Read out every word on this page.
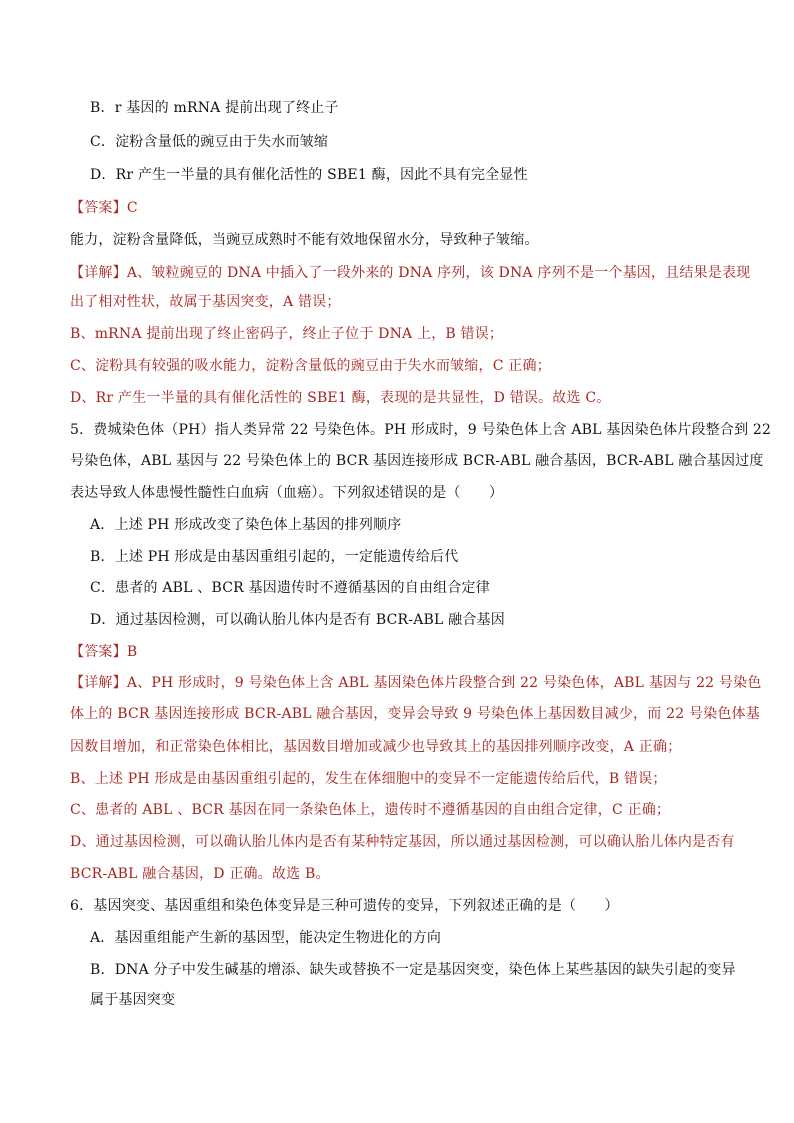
B．r 基因的 mRNA 提前出现了终止子
C．淀粉含量低的豌豆由于失水而皱缩
D．Rr 产生一半量的具有催化活性的 SBE1 酶，因此不具有完全显性
【答案】C
能力，淀粉含量降低，当豌豆成熟时不能有效地保留水分，导致种子皱缩。
【详解】A、皱粒豌豆的 DNA 中插入了一段外来的 DNA 序列，该 DNA 序列不是一个基因，且结果是表现
出了相对性状，故属于基因突变，A 错误；
B、mRNA 提前出现了终止密码子，终止子位于 DNA 上，B 错误；
C、淀粉具有较强的吸水能力，淀粉含量低的豌豆由于失水而皱缩，C 正确；
D、Rr 产生一半量的具有催化活性的 SBE1 酶，表现的是共显性，D 错误。故选 C。
5．费城染色体（PH）指人类异常 22 号染色体。PH 形成时，9 号染色体上含 ABL 基因染色体片段整合到 22
号染色体，ABL 基因与 22 号染色体上的 BCR 基因连接形成 BCR-ABL 融合基因，BCR-ABL 融合基因过度
表达导致人体患慢性髓性白血病（血癌）。下列叙述错误的是（　　）
A．上述 PH 形成改变了染色体上基因的排列顺序
B．上述 PH 形成是由基因重组引起的，一定能遗传给后代
C．患者的 ABL 、BCR 基因遗传时不遵循基因的自由组合定律
D．通过基因检测，可以确认胎儿体内是否有 BCR-ABL 融合基因
【答案】B
【详解】A、PH 形成时，9 号染色体上含 ABL 基因染色体片段整合到 22 号染色体，ABL 基因与 22 号染色
体上的 BCR 基因连接形成 BCR-ABL 融合基因，变异会导致 9 号染色体上基因数目减少，而 22 号染色体基
因数目增加，和正常染色体相比，基因数目增加或减少也导致其上的基因排列顺序改变，A 正确；
B、上述 PH 形成是由基因重组引起的，发生在体细胞中的变异不一定能遗传给后代，B 错误；
C、患者的 ABL 、BCR 基因在同一条染色体上，遗传时不遵循基因的自由组合定律，C 正确；
D、通过基因检测，可以确认胎儿体内是否有某种特定基因，所以通过基因检测，可以确认胎儿体内是否有
BCR-ABL 融合基因，D 正确。故选 B。
6．基因突变、基因重组和染色体变异是三种可遗传的变异，下列叙述正确的是（　　）
A．基因重组能产生新的基因型，能决定生物进化的方向
B．DNA 分子中发生碱基的增添、缺失或替换不一定是基因突变，染色体上某些基因的缺失引起的变异
属于基因突变
